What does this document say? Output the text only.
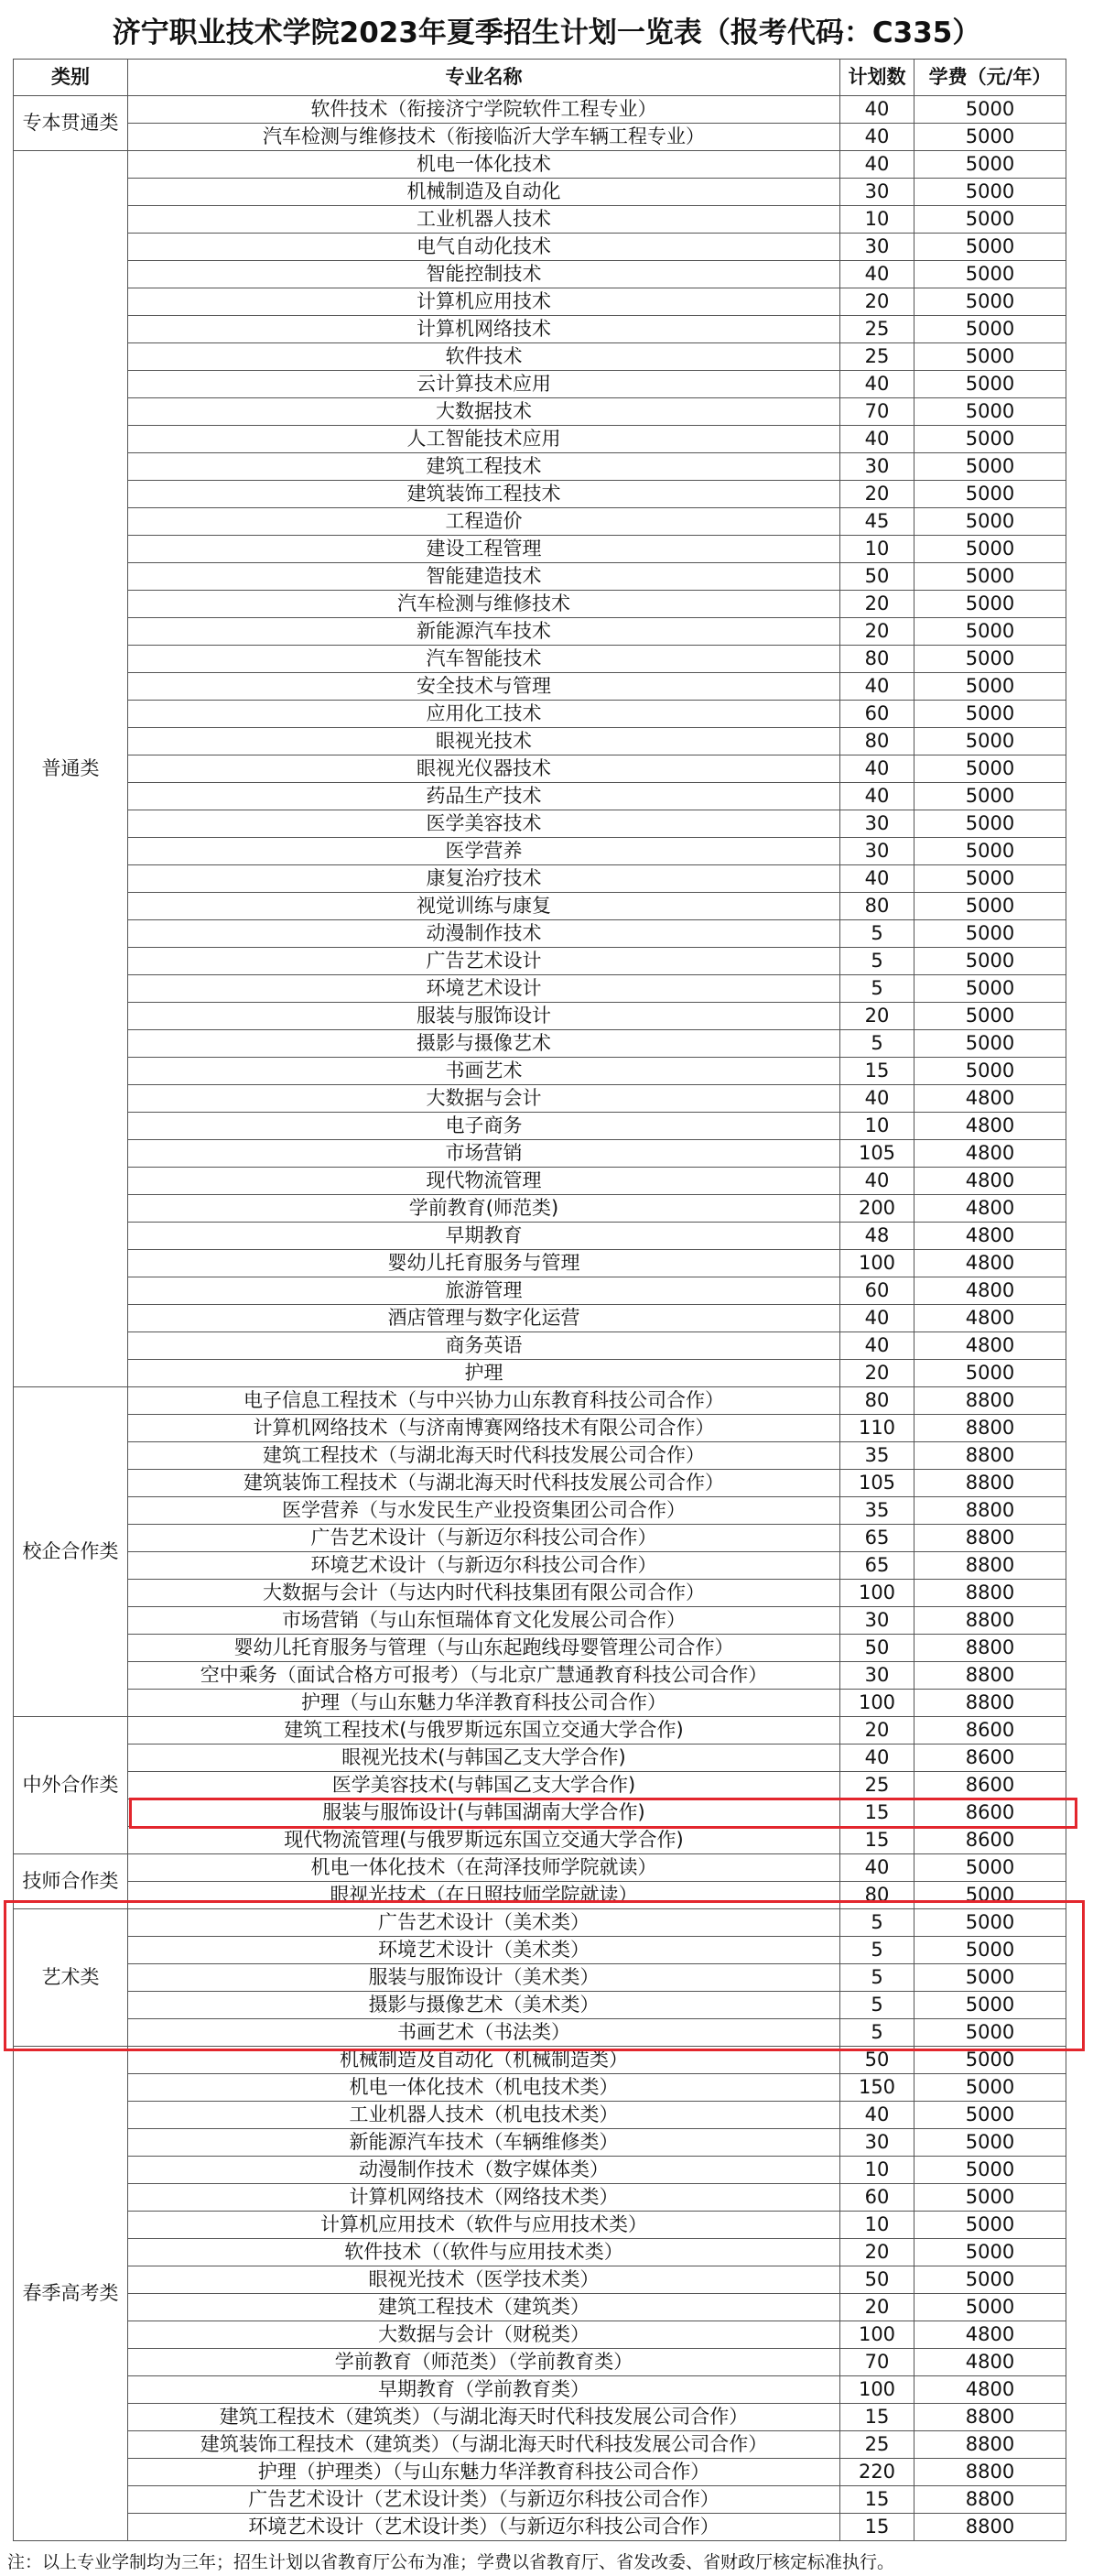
济宁职业技术学院2023年夏季招生计划一览表（报考代码：C335）
类别	专业名称	计划数	学费（元/年）
专本贯通类
软件技术（衔接济宁学院软件工程专业）	40	5000
汽车检测与维修技术（衔接临沂大学车辆工程专业）	40	5000
普通类
机电一体化技术	40	5000
机械制造及自动化	30	5000
工业机器人技术	10	5000
电气自动化技术	30	5000
智能控制技术	40	5000
计算机应用技术	20	5000
计算机网络技术	25	5000
软件技术	25	5000
云计算技术应用	40	5000
大数据技术	70	5000
人工智能技术应用	40	5000
建筑工程技术	30	5000
建筑装饰工程技术	20	5000
工程造价	45	5000
建设工程管理	10	5000
智能建造技术	50	5000
汽车检测与维修技术	20	5000
新能源汽车技术	20	5000
汽车智能技术	80	5000
安全技术与管理	40	5000
应用化工技术	60	5000
眼视光技术	80	5000
眼视光仪器技术	40	5000
药品生产技术	40	5000
医学美容技术	30	5000
医学营养	30	5000
康复治疗技术	40	5000
视觉训练与康复	80	5000
动漫制作技术	5	5000
广告艺术设计	5	5000
环境艺术设计	5	5000
服装与服饰设计	20	5000
摄影与摄像艺术	5	5000
书画艺术	15	5000
大数据与会计	40	4800
电子商务	10	4800
市场营销	105	4800
现代物流管理	40	4800
学前教育(师范类)	200	4800
早期教育	48	4800
婴幼儿托育服务与管理	100	4800
旅游管理	60	4800
酒店管理与数字化运营	40	4800
商务英语	40	4800
护理	20	5000
校企合作类
电子信息工程技术（与中兴协力山东教育科技公司合作）	80	8800
计算机网络技术（与济南博赛网络技术有限公司合作）	110	8800
建筑工程技术（与湖北海天时代科技发展公司合作）	35	8800
建筑装饰工程技术（与湖北海天时代科技发展公司合作）	105	8800
医学营养（与水发民生产业投资集团公司合作）	35	8800
广告艺术设计（与新迈尔科技公司合作）	65	8800
环境艺术设计（与新迈尔科技公司合作）	65	8800
大数据与会计（与达内时代科技集团有限公司合作）	100	8800
市场营销（与山东恒瑞体育文化发展公司合作）	30	8800
婴幼儿托育服务与管理（与山东起跑线母婴管理公司合作）	50	8800
空中乘务（面试合格方可报考）（与北京广慧通教育科技公司合作）	30	8800
护理（与山东魅力华洋教育科技公司合作）	100	8800
中外合作类
建筑工程技术(与俄罗斯远东国立交通大学合作)	20	8600
眼视光技术(与韩国乙支大学合作)	40	8600
医学美容技术(与韩国乙支大学合作)	25	8600
服装与服饰设计(与韩国湖南大学合作)	15	8600
现代物流管理(与俄罗斯远东国立交通大学合作)	15	8600
技师合作类
机电一体化技术（在菏泽技师学院就读）	40	5000
眼视光技术（在日照技师学院就读）	80	5000
艺术类
广告艺术设计（美术类）	5	5000
环境艺术设计（美术类）	5	5000
服装与服饰设计（美术类）	5	5000
摄影与摄像艺术（美术类）	5	5000
书画艺术（书法类）	5	5000
春季高考类
机械制造及自动化（机械制造类）	50	5000
机电一体化技术（机电技术类）	150	5000
工业机器人技术（机电技术类）	40	5000
新能源汽车技术（车辆维修类）	30	5000
动漫制作技术（数字媒体类）	10	5000
计算机网络技术（网络技术类）	60	5000
计算机应用技术（软件与应用技术类）	10	5000
软件技术（（软件与应用技术类）	20	5000
眼视光技术（医学技术类）	50	5000
建筑工程技术（建筑类）	20	5000
大数据与会计（财税类）	100	4800
学前教育（师范类）（学前教育类）	70	4800
早期教育（学前教育类）	100	4800
建筑工程技术（建筑类）（与湖北海天时代科技发展公司合作）	15	8800
建筑装饰工程技术（建筑类）（与湖北海天时代科技发展公司合作）	25	8800
护理（护理类）（与山东魅力华洋教育科技公司合作）	220	8800
广告艺术设计（艺术设计类）（与新迈尔科技公司合作）	15	8800
环境艺术设计（艺术设计类）（与新迈尔科技公司合作）	15	8800
注：以上专业学制均为三年；招生计划以省教育厅公布为准；学费以省教育厅、省发改委、省财政厅核定标准执行。
